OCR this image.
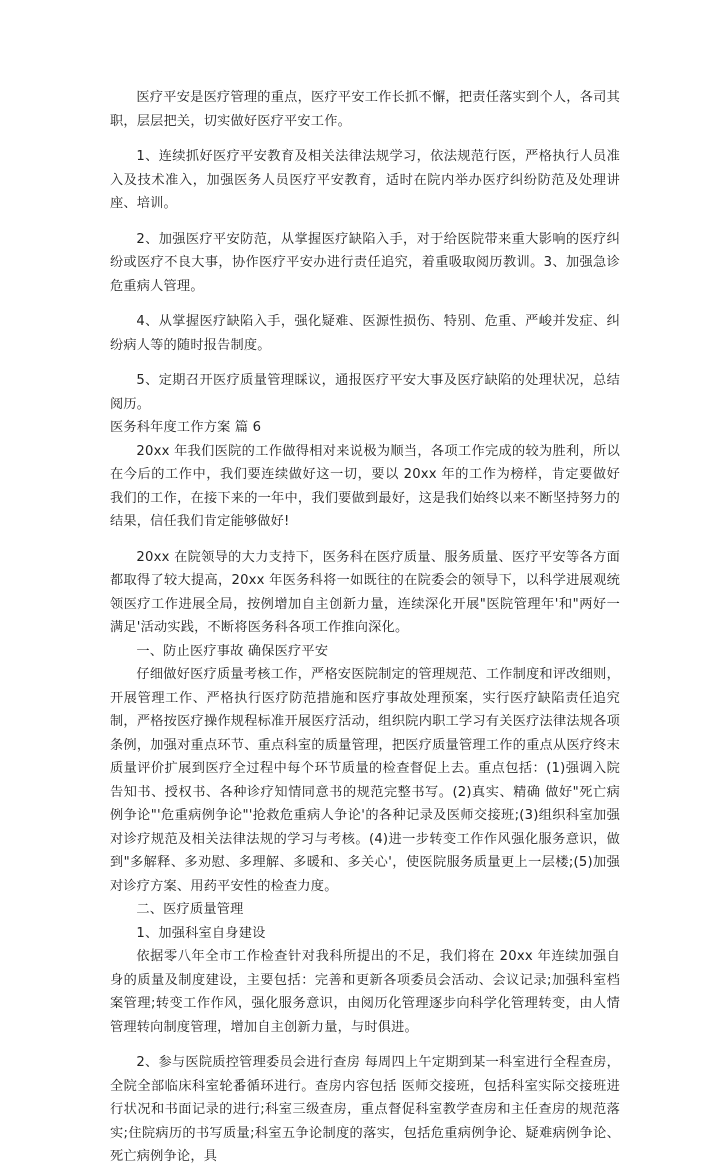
医疗平安是医疗管理的重点，医疗平安工作长抓不懈，把责任落实到个人，各司其职，层层把关，切实做好医疗平安工作。

1、连续抓好医疗平安教育及相关法律法规学习，依法规范行医，严格执行人员准入及技术准入，加强医务人员医疗平安教育，适时在院内举办医疗纠纷防范及处理讲座、培训。

2、加强医疗平安防范，从掌握医疗缺陷入手，对于给医院带来重大影响的医疗纠纷或医疗不良大事，协作医疗平安办进行责任追究，着重吸取阅历教训。3、加强急诊危重病人管理。

4、从掌握医疗缺陷入手，强化疑难、医源性损伤、特别、危重、严峻并发症、纠纷病人等的随时报告制度。

5、定期召开医疗质量管理睬议，通报医疗平安大事及医疗缺陷的处理状况，总结阅历。

医务科年度工作方案 篇 6

20xx 年我们医院的工作做得相对来说极为顺当，各项工作完成的较为胜利，所以在今后的工作中，我们要连续做好这一切，要以 20xx 年的工作为榜样，肯定要做好我们的工作，在接下来的一年中，我们要做到最好，这是我们始终以来不断坚持努力的结果，信任我们肯定能够做好!

20xx 在院领导的大力支持下，医务科在医疗质量、服务质量、医疗平安等各方面都取得了较大提高，20xx 年医务科将一如既往的在院委会的领导下，以科学进展观统领医疗工作进展全局，按例增加自主创新力量，连续深化开展"医院管理年'和"两好一满足'活动实践，不断将医务科各项工作推向深化。

一、防止医疗事故 确保医疗平安

仔细做好医疗质量考核工作，严格安医院制定的管理规范、工作制度和评改细则，开展管理工作、严格执行医疗防范措施和医疗事故处理预案，实行医疗缺陷责任追究制，严格按医疗操作规程标准开展医疗活动，组织院内职工学习有关医疗法律法规各项条例，加强对重点环节、重点科室的质量管理，把医疗质量管理工作的重点从医疗终末质量评价扩展到医疗全过程中每个环节质量的检查督促上去。重点包括：(1)强调入院告知书、授权书、各种诊疗知情同意书的规范完整书写。(2)真实、精确 做好"死亡病例争论"'危重病例争论"'抢救危重病人争论'的各种记录及医师交接班;(3)组织科室加强对诊疗规范及相关法律法规的学习与考核。(4)进一步转变工作作风强化服务意识，做到"多解释、多劝慰、多理解、多暖和、多关心'，使医院服务质量更上一层楼;(5)加强对诊疗方案、用药平安性的检查力度。

二、医疗质量管理

1、加强科室自身建设

依据零八年全市工作检查针对我科所提出的不足，我们将在 20xx 年连续加强自身的质量及制度建设，主要包括：完善和更新各项委员会活动、会议记录;加强科室档案管理;转变工作作风，强化服务意识，由阅历化管理逐步向科学化管理转变，由人情管理转向制度管理，增加自主创新力量，与时俱进。

2、参与医院质控管理委员会进行查房 每周四上午定期到某一科室进行全程查房，全院全部临床科室轮番循环进行。查房内容包括 医师交接班，包括科室实际交接班进行状况和书面记录的进行;科室三级查房，重点督促科室教学查房和主任查房的规范落实;住院病历的书写质量;科室五争论制度的落实，包括危重病例争论、疑难病例争论、死亡病例争论，具
